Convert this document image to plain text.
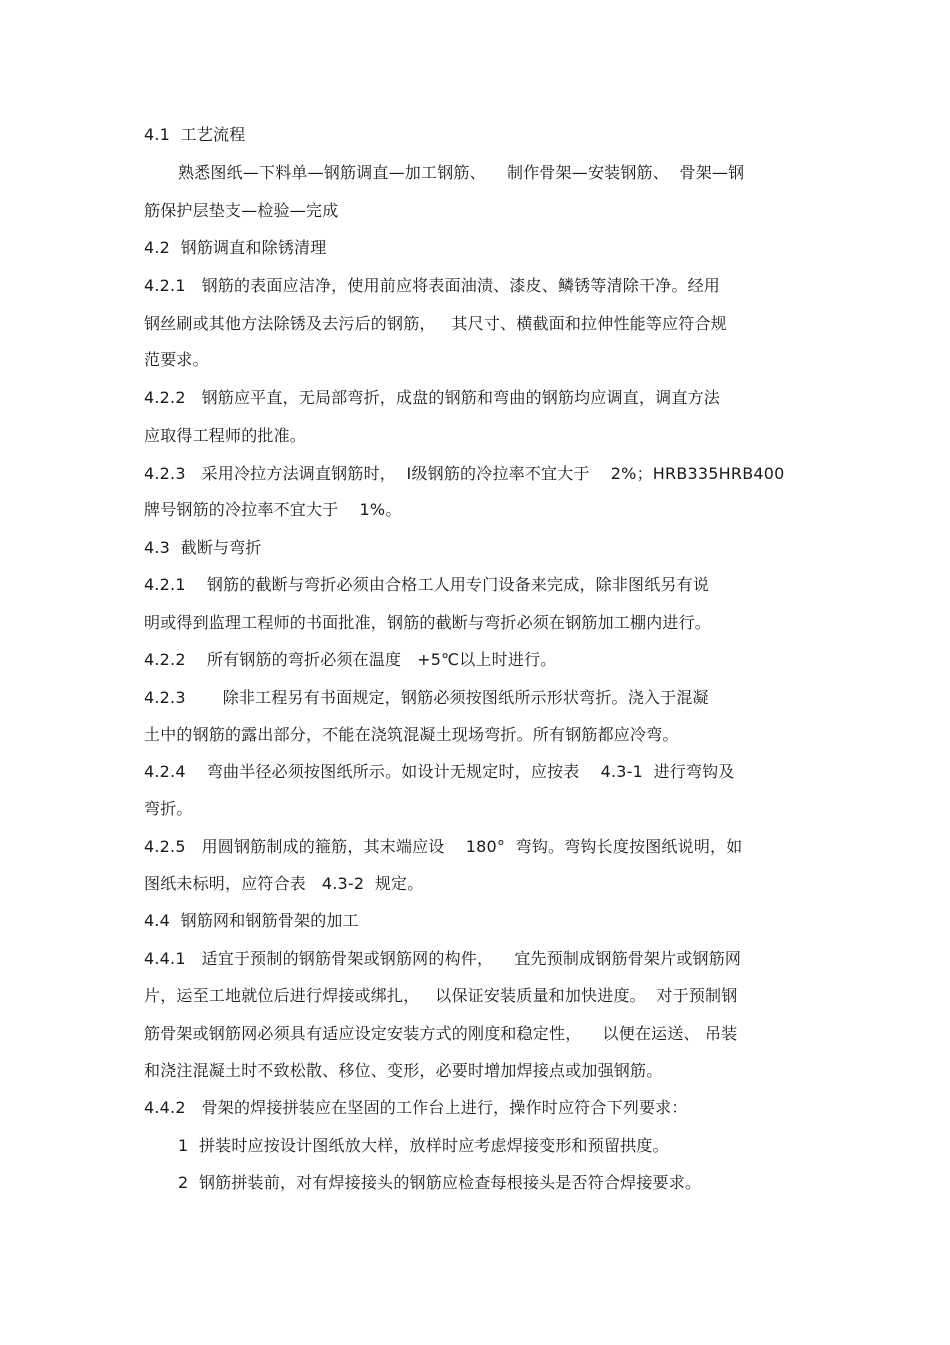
4.1  工艺流程
熟悉图纸—下料单—钢筋调直—加工钢筋、    制作骨架—安装钢筋、  骨架—钢
筋保护层垫支—检验—完成
4.2  钢筋调直和除锈清理
4.2.1   钢筋的表面应洁净，使用前应将表面油渍、漆皮、鳞锈等清除干净。经用
钢丝刷或其他方法除锈及去污后的钢筋，   其尺寸、横截面和拉伸性能等应符合规
范要求。
4.2.2   钢筋应平直，无局部弯折，成盘的钢筋和弯曲的钢筋均应调直，调直方法
应取得工程师的批准。
4.2.3   采用冷拉方法调直钢筋时，  Ⅰ级钢筋的冷拉率不宜大于    2%；HRB335HRB400
牌号钢筋的冷拉率不宜大于    1%。
4.3  截断与弯折
4.2.1    钢筋的截断与弯折必须由合格工人用专门设备来完成，除非图纸另有说
明或得到监理工程师的书面批准，钢筋的截断与弯折必须在钢筋加工棚内进行。
4.2.2    所有钢筋的弯折必须在温度   +5℃以上时进行。
4.2.3       除非工程另有书面规定，钢筋必须按图纸所示形状弯折。浇入于混凝
土中的钢筋的露出部分，不能在浇筑混凝土现场弯折。所有钢筋都应冷弯。
4.2.4    弯曲半径必须按图纸所示。如设计无规定时，应按表    4.3-1  进行弯钩及
弯折。
4.2.5   用圆钢筋制成的箍筋，其末端应设    180°  弯钩。弯钩长度按图纸说明，如
图纸未标明，应符合表   4.3-2  规定。
4.4  钢筋网和钢筋骨架的加工
4.4.1   适宜于预制的钢筋骨架或钢筋网的构件，    宜先预制成钢筋骨架片或钢筋网
片，运至工地就位后进行焊接或绑扎，   以保证安装质量和加快进度。  对于预制钢
筋骨架或钢筋网必须具有适应设定安装方式的刚度和稳定性，    以便在运送、 吊装
和浇注混凝土时不致松散、移位、变形，必要时增加焊接点或加强钢筋。
4.4.2   骨架的焊接拼装应在坚固的工作台上进行，操作时应符合下列要求：
1  拼装时应按设计图纸放大样，放样时应考虑焊接变形和预留拱度。
2  钢筋拼装前，对有焊接接头的钢筋应检查每根接头是否符合焊接要求。
